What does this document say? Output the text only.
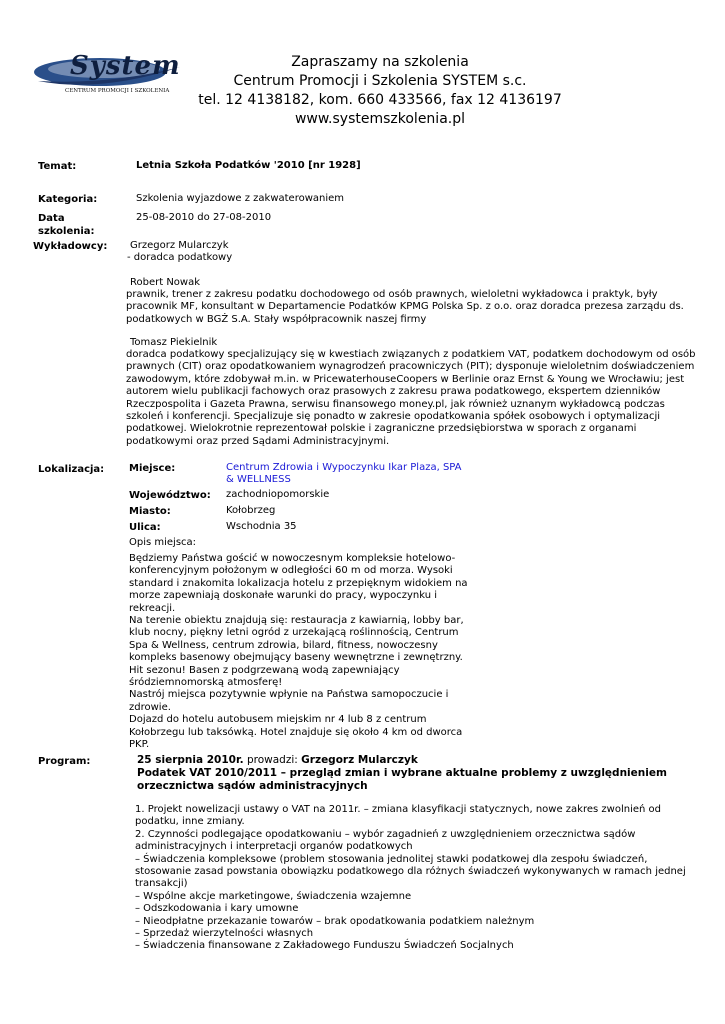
System
CENTRUM PROMOCJI I SZKOLENIA
Zapraszamy na szkolenia
Centrum Promocji i Szkolenia SYSTEM s.c.
tel. 12 4138182, kom. 660 433566, fax 12 4136197
www.systemszkolenia.pl
Temat:	Letnia Szkoła Podatków '2010 [nr 1928]
Kategoria:	Szkolenia wyjazdowe z zakwaterowaniem
Data
szkolenia:
25-08-2010 do 27-08-2010
Wykładowcy: Grzegorz Mularczyk
- doradca podatkowy
Robert Nowak
prawnik, trener z zakresu podatku dochodowego od osób prawnych, wieloletni wykładowca i praktyk, były
pracownik MF, konsultant w Departamencie Podatków KPMG Polska Sp. z o.o. oraz doradca prezesa zarządu ds.
podatkowych w BGŻ S.A. Stały współpracownik naszej firmy
Tomasz Piekielnik
doradca podatkowy specjalizujący się w kwestiach związanych z podatkiem VAT, podatkem dochodowym od osób
prawnych (CIT) oraz opodatkowaniem wynagrodzeń pracowniczych (PIT); dysponuje wieloletnim doświadczeniem
zawodowym, które zdobywał m.in. w PricewaterhouseCoopers w Berlinie oraz Ernst & Young we Wrocławiu; jest
autorem wielu publikacji fachowych oraz prasowych z zakresu prawa podatkowego, ekspertem dzienników
Rzeczpospolita i Gazeta Prawna, serwisu finansowego money.pl, jak również uznanym wykładowcą podczas
szkoleń i konferencji. Specjalizuje się ponadto w zakresie opodatkowania spółek osobowych i optymalizacji
podatkowej. Wielokrotnie reprezentował polskie i zagraniczne przedsiębiorstwa w sporach z organami
podatkowymi oraz przed Sądami Administracyjnymi.
Lokalizacja: Miejsce:	Centrum Zdrowia i Wypoczynku Ikar Plaza, SPA
& WELLNESS
Województwo: zachodniopomorskie
Miasto:	Kołobrzeg
Ulica:	Wschodnia 35
Opis miejsca:
Będziemy Państwa gościć w nowoczesnym kompleksie hotelowo-
konferencyjnym położonym w odległości 60 m od morza. Wysoki
standard i znakomita lokalizacja hotelu z przepięknym widokiem na
morze zapewniają doskonałe warunki do pracy, wypoczynku i
rekreacji.
Na terenie obiektu znajdują się: restauracja z kawiarnią, lobby bar,
klub nocny, piękny letni ogród z urzekającą roślinnością, Centrum
Spa & Wellness, centrum zdrowia, bilard, fitness, nowoczesny
kompleks basenowy obejmujący baseny wewnętrzne i zewnętrzny.
Hit sezonu! Basen z podgrzewaną wodą zapewniający
śródziemnomorską atmosferę!
Nastrój miejsca pozytywnie wpłynie na Państwa samopoczucie i
zdrowie.
Dojazd do hotelu autobusem miejskim nr 4 lub 8 z centrum
Kołobrzegu lub taksówką. Hotel znajduje się około 4 km od dworca
PKP.
Program:	25 sierpnia 2010r. prowadzi: Grzegorz Mularczyk
Podatek VAT 2010/2011 – przegląd zmian i wybrane aktualne problemy z uwzględnieniem
orzecznictwa sądów administracyjnych
1. Projekt nowelizacji ustawy o VAT na 2011r. – zmiana klasyfikacji statycznych, nowe zakres zwolnień od
podatku, inne zmiany.
2. Czynności podlegające opodatkowaniu – wybór zagadnień z uwzględnieniem orzecznictwa sądów
administracyjnych i interpretacji organów podatkowych
– Świadczenia kompleksowe (problem stosowania jednolitej stawki podatkowej dla zespołu świadczeń,
stosowanie zasad powstania obowiązku podatkowego dla różnych świadczeń wykonywanych w ramach jednej
transakcji)
– Wspólne akcje marketingowe, świadczenia wzajemne
– Odszkodowania i kary umowne
– Nieodpłatne przekazanie towarów – brak opodatkowania podatkiem należnym
– Sprzedaż wierzytelności własnych
– Świadczenia finansowane z Zakładowego Funduszu Świadczeń Socjalnych
